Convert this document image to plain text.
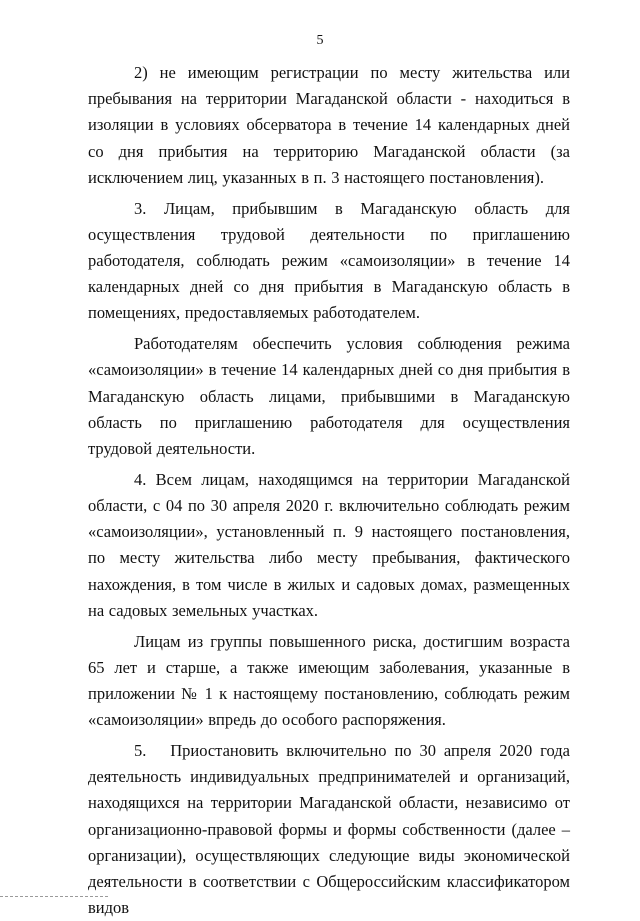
5

2) не имеющим регистрации по месту жительства или пребывания на территории Магаданской области - находиться в изоляции в условиях обсерватора в течение 14 календарных дней со дня прибытия на территорию Магаданской области (за исключением лиц, указанных в п. 3 настоящего постановления).

3. Лицам, прибывшим в Магаданскую область для осуществления трудовой деятельности по приглашению работодателя, соблюдать режим «самоизоляции» в течение 14 календарных дней со дня прибытия в Магаданскую область в помещениях, предоставляемых работодателем.

Работодателям обеспечить условия соблюдения режима «самоизоляции» в течение 14 календарных дней со дня прибытия в Магаданскую область лицами, прибывшими в Магаданскую область по приглашению работодателя для осуществления трудовой деятельности.

4. Всем лицам, находящимся на территории Магаданской области, с 04 по 30 апреля 2020 г. включительно соблюдать режим «самоизоляции», установленный п. 9 настоящего постановления, по месту жительства либо месту пребывания, фактического нахождения, в том числе в жилых и садовых домах, размещенных на садовых земельных участках.

Лицам из группы повышенного риска, достигшим возраста 65 лет и старше, а также имеющим заболевания, указанные в приложении № 1 к настоящему постановлению, соблюдать режим «самоизоляции» впредь до особого распоряжения.

5.   Приостановить включительно по 30 апреля 2020 года деятельность индивидуальных предпринимателей и организаций, находящихся на территории Магаданской области, независимо от организационно-правовой формы и формы собственности (далее – организации), осуществляющих следующие виды экономической деятельности в соответствии с Общероссийским классификатором видов
